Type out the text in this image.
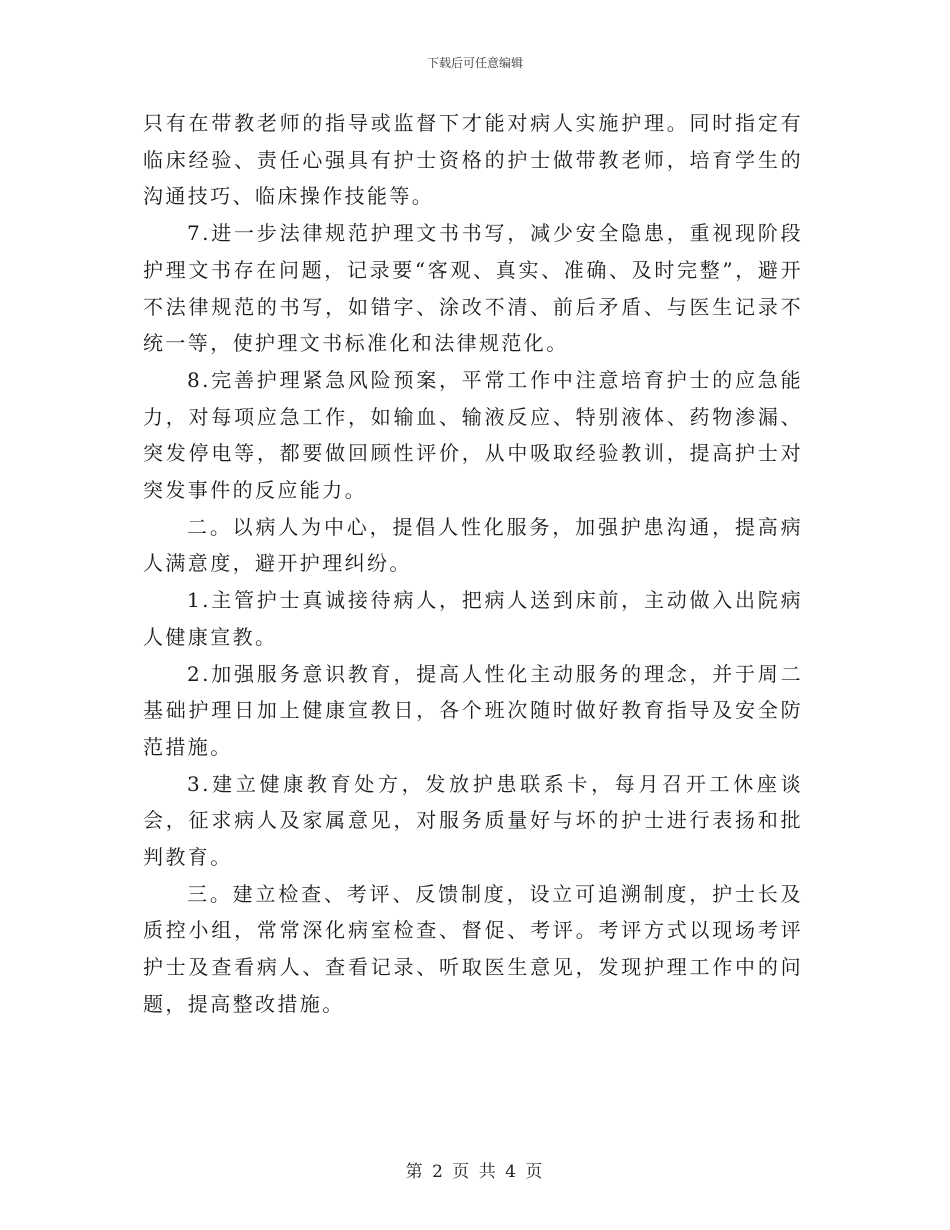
下载后可任意编辑

只有在带教老师的指导或监督下才能对病人实施护理。同时指定有临床经验、责任心强具有护士资格的护士做带教老师，培育学生的沟通技巧、临床操作技能等。

7.进一步法律规范护理文书书写，减少安全隐患，重视现阶段护理文书存在问题，记录要“客观、真实、准确、及时完整”，避开不法律规范的书写，如错字、涂改不清、前后矛盾、与医生记录不统一等，使护理文书标准化和法律规范化。

8.完善护理紧急风险预案，平常工作中注意培育护士的应急能力，对每项应急工作，如输血、输液反应、特别液体、药物渗漏、突发停电等，都要做回顾性评价，从中吸取经验教训，提高护士对突发事件的反应能力。

二。以病人为中心，提倡人性化服务，加强护患沟通，提高病人满意度，避开护理纠纷。

1.主管护士真诚接待病人，把病人送到床前，主动做入出院病人健康宣教。

2.加强服务意识教育，提高人性化主动服务的理念，并于周二基础护理日加上健康宣教日，各个班次随时做好教育指导及安全防范措施。

3.建立健康教育处方，发放护患联系卡，每月召开工休座谈会，征求病人及家属意见，对服务质量好与坏的护士进行表扬和批判教育。

三。建立检查、考评、反馈制度，设立可追溯制度，护士长及质控小组，常常深化病室检查、督促、考评。考评方式以现场考评护士及查看病人、查看记录、听取医生意见，发现护理工作中的问题，提高整改措施。

第 2 页 共 4 页
